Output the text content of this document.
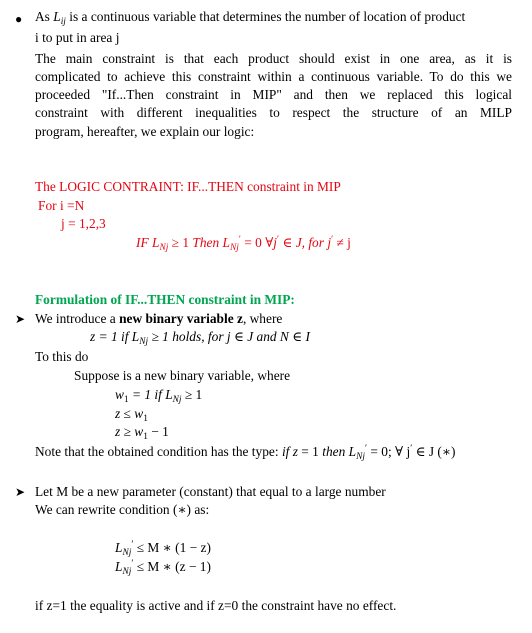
● As $L_{ij}$ is a continuous variable that determines the number of location of product
i to put in area j
The main constraint is that each product should exist in one area, as it is
complicated to achieve this constraint within a continuous variable. To do this we
proceeded "If...Then constraint in MIP" and then we replaced this logical
constraint with different inequalities to respect the structure of an MILP
program, hereafter, we explain our logic:
The LOGIC CONTRAINT: IF...THEN constraint in MIP
For i =N
j = 1,2,3
IF $L_{Nj} \ge 1$ Then $L_{Nj}' = 0$ ∀j′ ∈ J, for j′ ≠ j
Formulation of IF...THEN constraint in MIP:
➤ We introduce a new binary variable z, where
z = 1 if $L_{Nj} \ge 1$ holds, for j ∈ J and N ∈ I
To this do
Suppose is a new binary variable, where
$w_1 = 1$ if $L_{Nj} \ge 1$
$z \le w_1$
$z \ge w_1 - 1$
Note that the obtained condition has the type: if z = 1 then $L_{Nj}' = 0$; ∀ j′ ∈ J (∗)
➤ Let M be a new parameter (constant) that equal to a large number
We can rewrite condition (∗) as:
$L_{Nj}' \le M$ ∗ (1 − z)
$L_{Nj}' \le M$ ∗ (z − 1)
if z=1 the equality is active and if z=0 the constraint have no effect.
